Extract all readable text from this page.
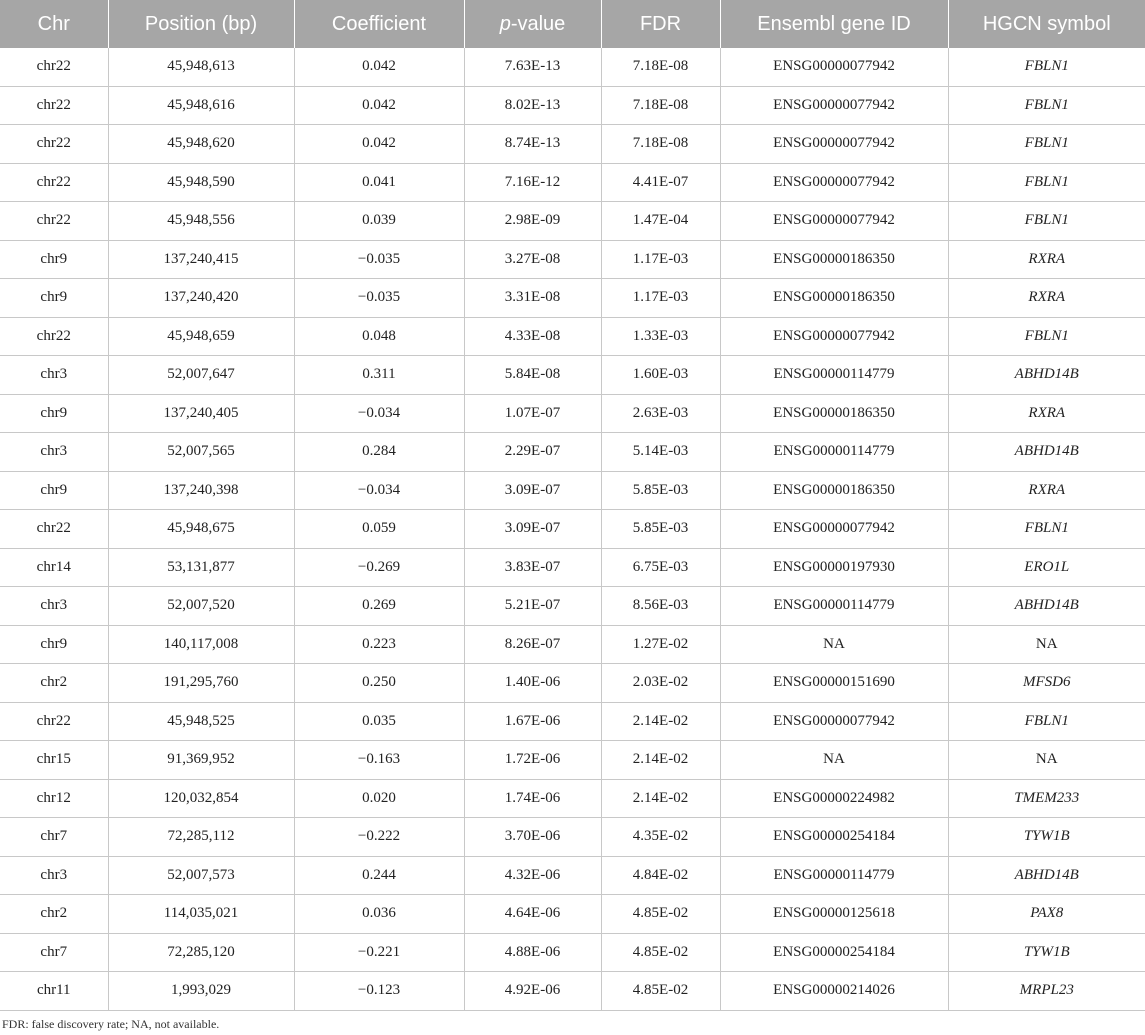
Chr	Position (bp)	Coefficient	p-value	FDR	Ensembl gene ID	HGCN symbol
chr22	45,948,613	0.042	7.63E-13	7.18E-08	ENSG00000077942	FBLN1
chr22	45,948,616	0.042	8.02E-13	7.18E-08	ENSG00000077942	FBLN1
chr22	45,948,620	0.042	8.74E-13	7.18E-08	ENSG00000077942	FBLN1
chr22	45,948,590	0.041	7.16E-12	4.41E-07	ENSG00000077942	FBLN1
chr22	45,948,556	0.039	2.98E-09	1.47E-04	ENSG00000077942	FBLN1
chr9	137,240,415	−0.035	3.27E-08	1.17E-03	ENSG00000186350	RXRA
chr9	137,240,420	−0.035	3.31E-08	1.17E-03	ENSG00000186350	RXRA
chr22	45,948,659	0.048	4.33E-08	1.33E-03	ENSG00000077942	FBLN1
chr3	52,007,647	0.311	5.84E-08	1.60E-03	ENSG00000114779	ABHD14B
chr9	137,240,405	−0.034	1.07E-07	2.63E-03	ENSG00000186350	RXRA
chr3	52,007,565	0.284	2.29E-07	5.14E-03	ENSG00000114779	ABHD14B
chr9	137,240,398	−0.034	3.09E-07	5.85E-03	ENSG00000186350	RXRA
chr22	45,948,675	0.059	3.09E-07	5.85E-03	ENSG00000077942	FBLN1
chr14	53,131,877	−0.269	3.83E-07	6.75E-03	ENSG00000197930	ERO1L
chr3	52,007,520	0.269	5.21E-07	8.56E-03	ENSG00000114779	ABHD14B
chr9	140,117,008	0.223	8.26E-07	1.27E-02	NA	NA
chr2	191,295,760	0.250	1.40E-06	2.03E-02	ENSG00000151690	MFSD6
chr22	45,948,525	0.035	1.67E-06	2.14E-02	ENSG00000077942	FBLN1
chr15	91,369,952	−0.163	1.72E-06	2.14E-02	NA	NA
chr12	120,032,854	0.020	1.74E-06	2.14E-02	ENSG00000224982	TMEM233
chr7	72,285,112	−0.222	3.70E-06	4.35E-02	ENSG00000254184	TYW1B
chr3	52,007,573	0.244	4.32E-06	4.84E-02	ENSG00000114779	ABHD14B
chr2	114,035,021	0.036	4.64E-06	4.85E-02	ENSG00000125618	PAX8
chr7	72,285,120	−0.221	4.88E-06	4.85E-02	ENSG00000254184	TYW1B
chr11	1,993,029	−0.123	4.92E-06	4.85E-02	ENSG00000214026	MRPL23
FDR: false discovery rate; NA, not available.
